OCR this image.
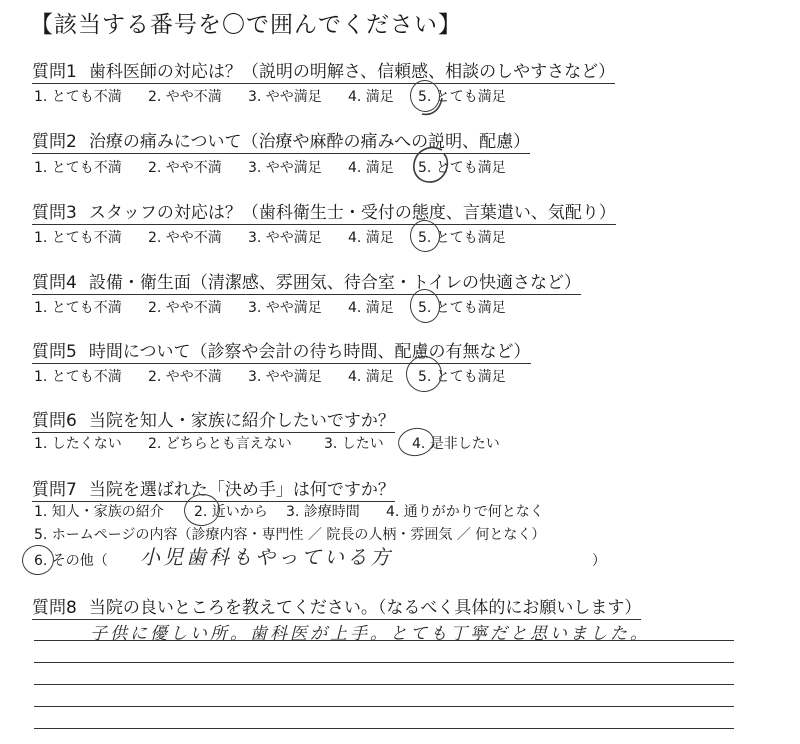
【該当する番号を〇で囲んでください】
質問1 歯科医師の対応は？（説明の明解さ、信頼感、相談のしやすさなど）
1. とても不満 2. やや不満 3. やや満足 4. 満足 5. とても満足
質問2 治療の痛みについて（治療や麻酔の痛みへの説明、配慮）
1. とても不満 2. やや不満 3. やや満足 4. 満足 5. とても満足
質問3 スタッフの対応は？（歯科衛生士・受付の態度、言葉遣い、気配り）
1. とても不満 2. やや不満 3. やや満足 4. 満足 5. とても満足
質問4 設備・衛生面（清潔感、雰囲気、待合室・トイレの快適さなど）
1. とても不満 2. やや不満 3. やや満足 4. 満足 5. とても満足
質問5 時間について（診察や会計の待ち時間、配慮の有無など）
1. とても不満 2. やや不満 3. やや満足 4. 満足 5. とても満足
質問6 当院を知人・家族に紹介したいですか？
1. したくない 2. どちらとも言えない 3. したい 4. 是非したい
質問7 当院を選ばれた「決め手」は何ですか？
1. 知人・家族の紹介 2. 近いから 3. 診療時間 4. 通りがかりで何となく
5. ホームページの内容（診療内容・専門性 ／ 院長の人柄・雰囲気 ／ 何となく）
6. その他（	）
小児歯科もやっている方
質問8 当院の良いところを教えてください。（なるべく具体的にお願いします）
子供に優しい所。歯科医が上手。とても丁寧だと思いました。
